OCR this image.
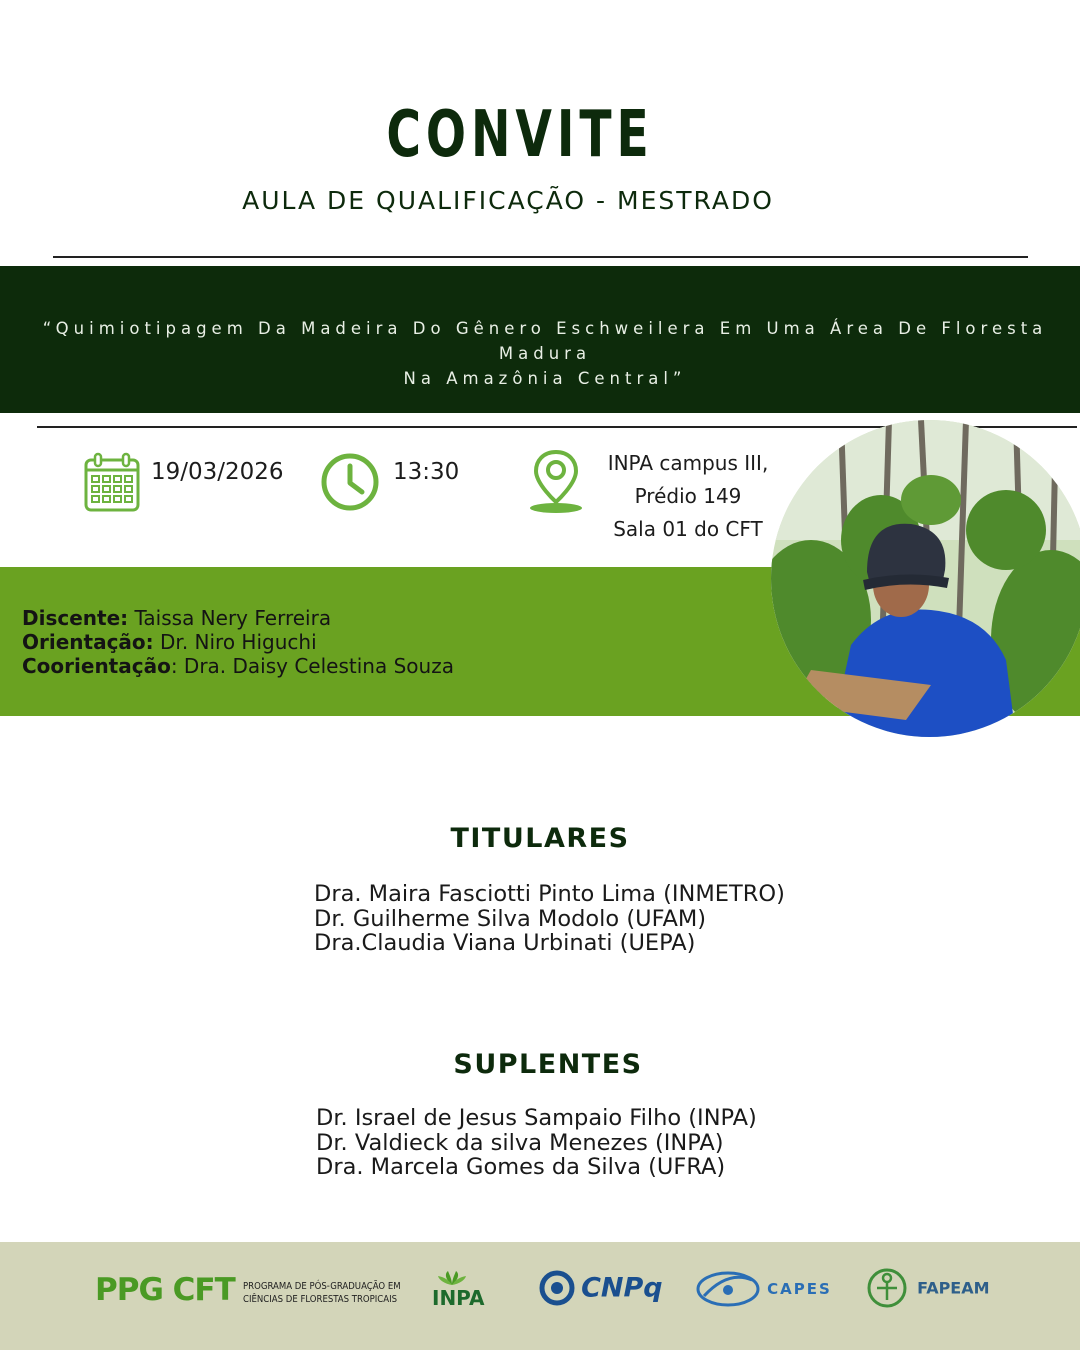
CONVITE
AULA DE QUALIFICAÇÃO - MESTRADO
“Quimiotipagem Da Madeira Do Gênero Eschweilera Em Uma Área De Floresta Madura
Na Amazônia Central”
19/03/2026	13:30	INPA campus III,
Prédio 149
Sala 01 do CFT
Discente: Taissa Nery Ferreira
Orientação: Dr. Niro Higuchi
Coorientação: Dra. Daisy Celestina Souza
TITULARES
Dra. Maira Fasciotti Pinto Lima (INMETRO)
Dr. Guilherme Silva Modolo (UFAM)
Dra.Claudia Viana Urbinati (UEPA)
SUPLENTES
Dr. Israel de Jesus Sampaio Filho (INPA)
Dr. Valdieck da silva Menezes (INPA)
Dra. Marcela Gomes da Silva (UFRA)
PPG CFT PROGRAMA DE PÓS-GRADUAÇÃO EM
CIÊNCIAS DE FLORESTAS TROPICAIS INPA	CNPq	CAPES	FAPEAM
